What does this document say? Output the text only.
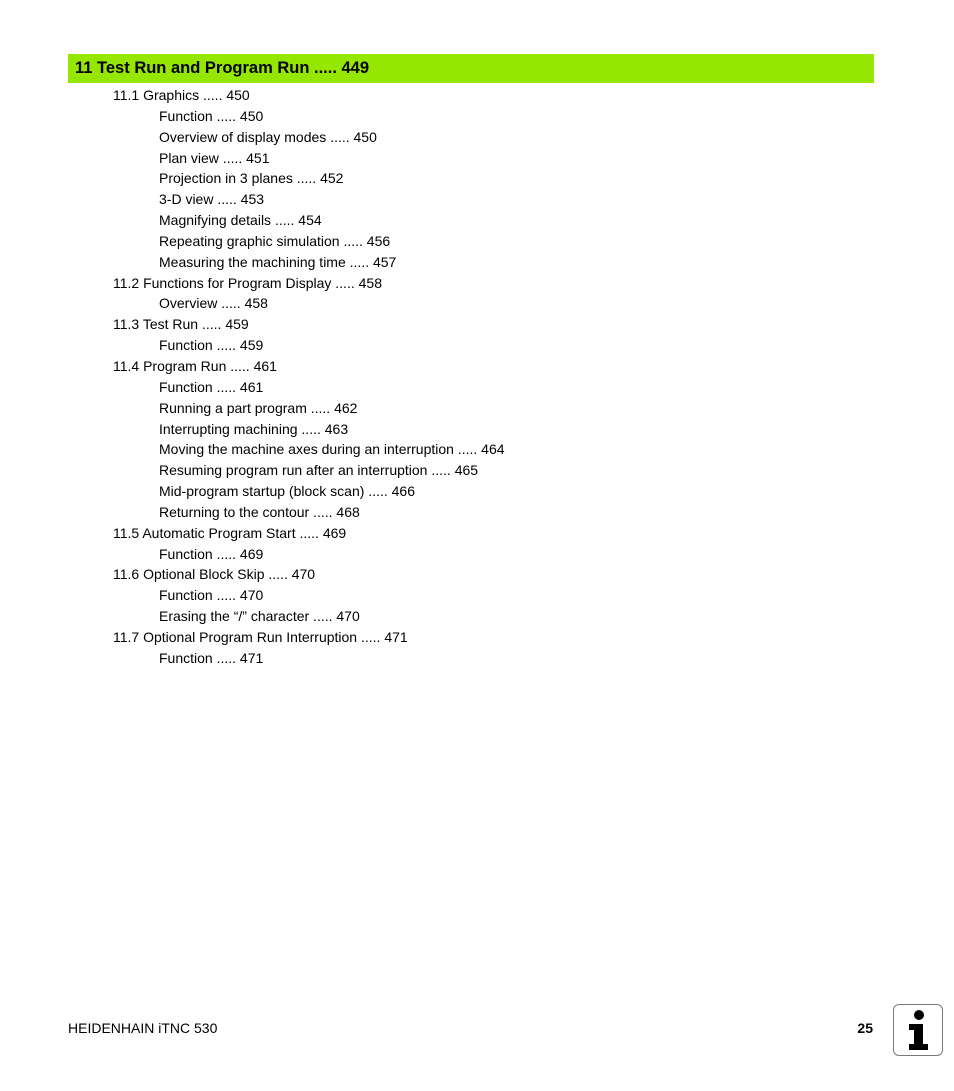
11 Test Run and Program Run ..... 449
11.1 Graphics ..... 450
Function ..... 450
Overview of display modes ..... 450
Plan view ..... 451
Projection in 3 planes ..... 452
3-D view ..... 453
Magnifying details ..... 454
Repeating graphic simulation ..... 456
Measuring the machining time ..... 457
11.2 Functions for Program Display ..... 458
Overview ..... 458
11.3 Test Run ..... 459
Function ..... 459
11.4 Program Run ..... 461
Function ..... 461
Running a part program ..... 462
Interrupting machining ..... 463
Moving the machine axes during an interruption ..... 464
Resuming program run after an interruption ..... 465
Mid-program startup (block scan) ..... 466
Returning to the contour ..... 468
11.5 Automatic Program Start ..... 469
Function ..... 469
11.6 Optional Block Skip ..... 470
Function ..... 470
Erasing the “/” character ..... 470
11.7 Optional Program Run Interruption ..... 471
Function ..... 471
HEIDENHAIN iTNC 530	25
